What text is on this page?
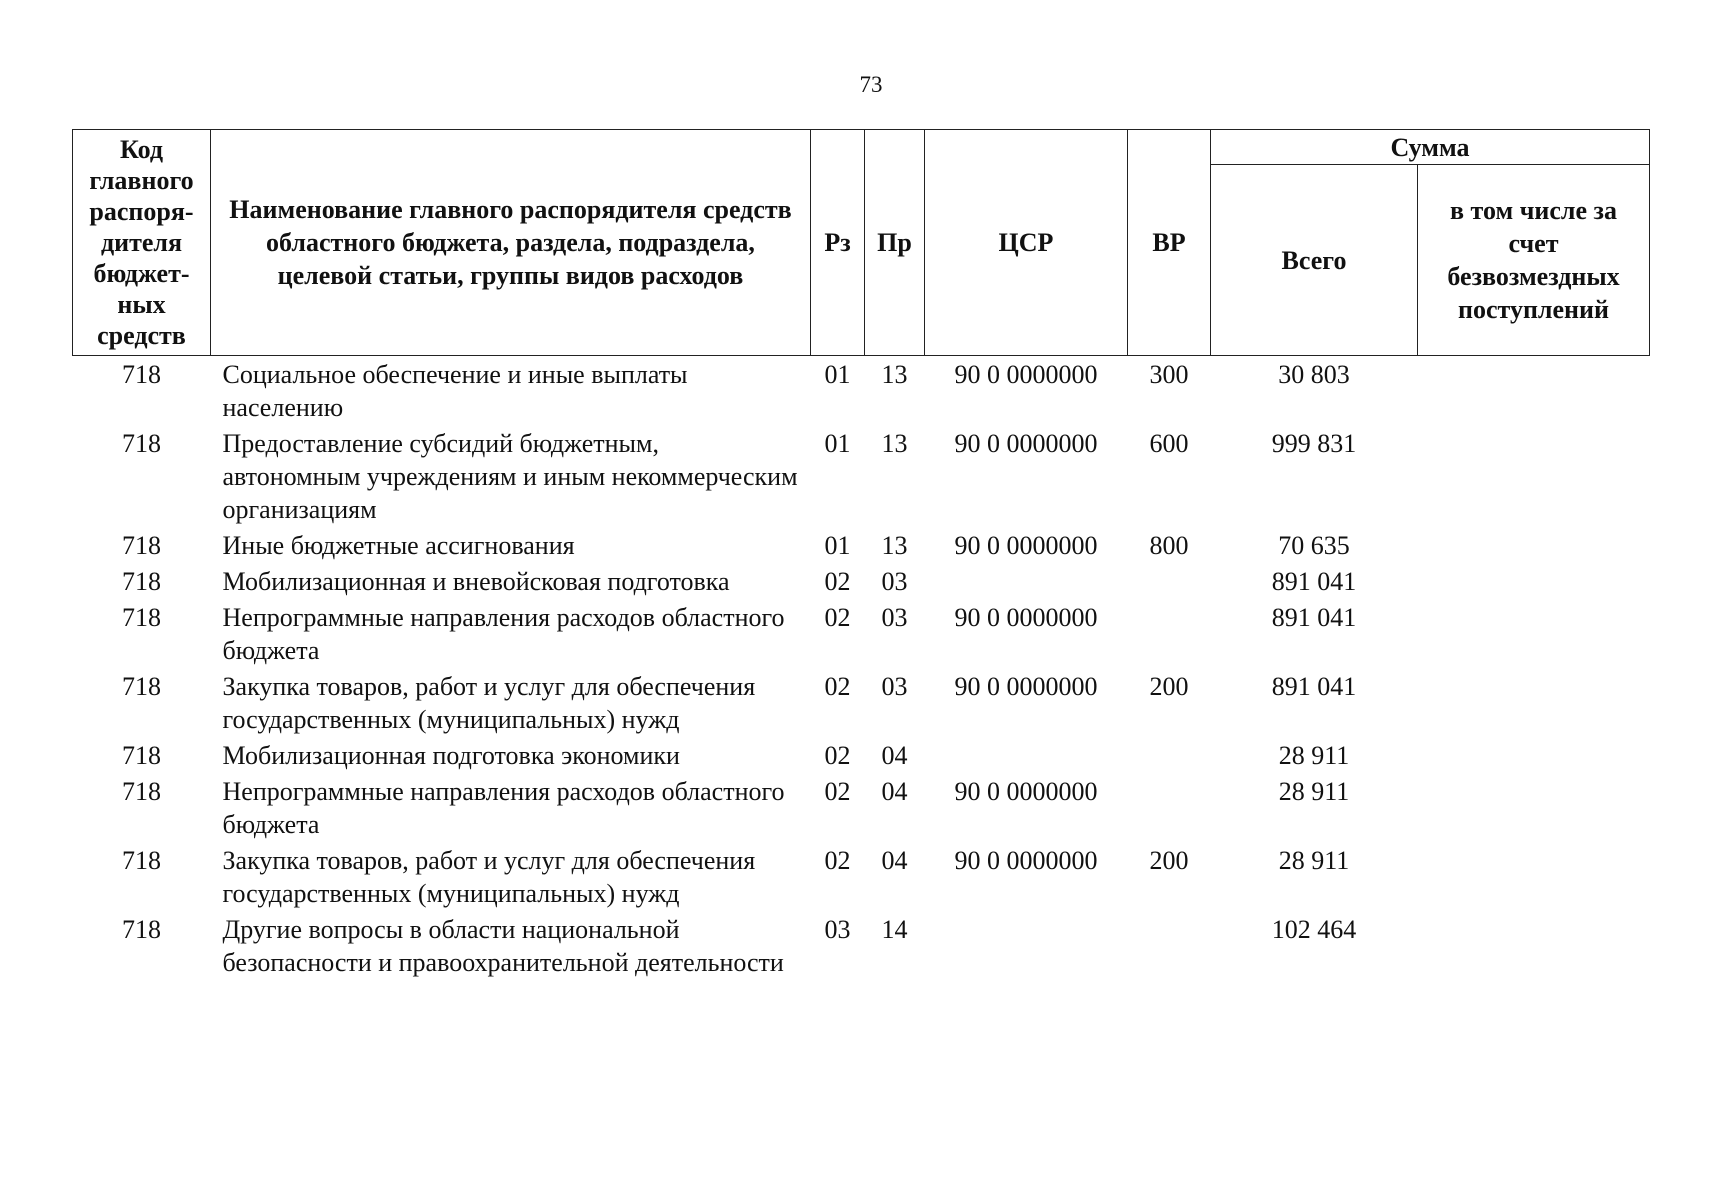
73
Код главного распоря-дителя бюджет-ных средств	Наименование главного распорядителя средств областного бюджета, раздела, подраздела, целевой статьи, группы видов расходов	Рз	Пр	ЦСР	ВР	Сумма	
						Всего	в том числе за счет безвозмездных поступлений
718	Социальное обеспечение и иные выплаты населению	01	13	90 0 0000000	300	30 803	
718	Предоставление субсидий бюджетным, автономным учреждениям и иным некоммерческим организациям	01	13	90 0 0000000	600	999 831	
718	Иные бюджетные ассигнования	01	13	90 0 0000000	800	70 635	
718	Мобилизационная и вневойсковая подготовка	02	03			891 041	
718	Непрограммные направления расходов областного бюджета	02	03	90 0 0000000		891 041	
718	Закупка товаров, работ и услуг для обеспечения государственных (муниципальных) нужд	02	03	90 0 0000000	200	891 041	
718	Мобилизационная подготовка экономики	02	04			28 911	
718	Непрограммные направления расходов областного бюджета	02	04	90 0 0000000		28 911	
718	Закупка товаров, работ и услуг для обеспечения государственных (муниципальных) нужд	02	04	90 0 0000000	200	28 911	
718	Другие вопросы в области национальной безопасности и правоохранительной деятельности	03	14			102 464	
